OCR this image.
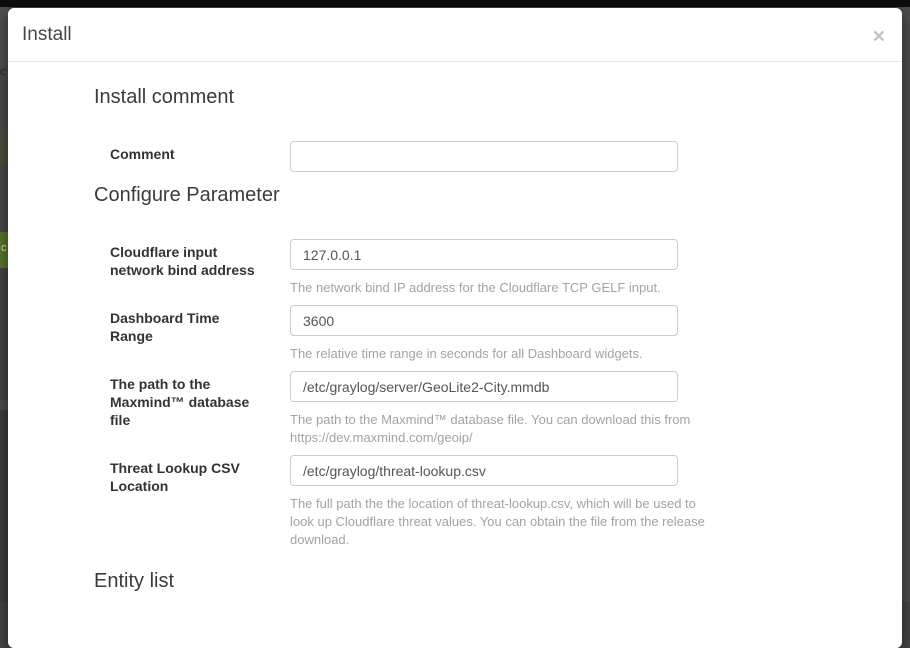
c
c
Install	×
Install comment
Comment
Configure Parameter
Cloudflare input network bind address
127.0.0.1
The network bind IP address for the Cloudflare TCP GELF input.
Dashboard Time Range
3600
The relative time range in seconds for all Dashboard widgets.
The path to the Maxmind™ database file
/etc/graylog/server/GeoLite2-City.mmdb	The path to the Maxmind™ database file. You can download this from https://dev.maxmind.com/geoip/
Threat Lookup CSV Location
/etc/graylog/threat-lookup.csv
The full path the the location of threat-lookup.csv, which will be used to look up Cloudflare threat values. You can obtain the file from the release download.
Entity list
